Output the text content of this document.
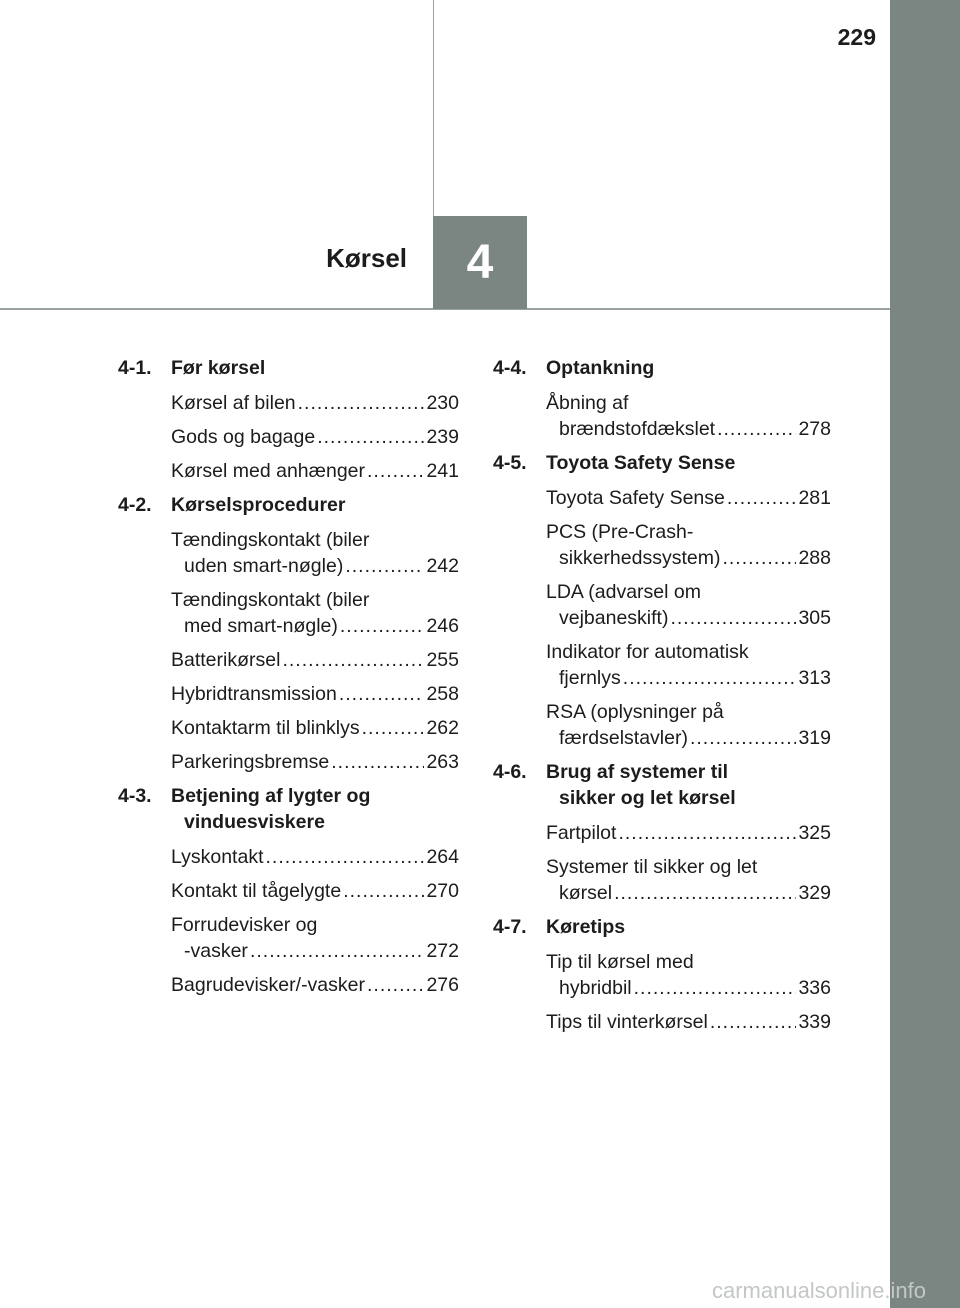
229
4
Kørsel
4-1. Før kørsel
Kørsel af bilen .....	230
Gods og bagage .....	239
Kørsel med anhænger .....	241
4-2. Kørselsprocedurer
Tændingskontakt (biler
uden smart-nøgle) .....	242
Tændingskontakt (biler
med smart-nøgle) .....	246
Batterikørsel .....	255
Hybridtransmission .....	258
Kontaktarm til blinklys .....	262
Parkeringsbremse .....	263
4-3. Betjening af lygter og
vinduesviskere
Lyskontakt .....	264
Kontakt til tågelygte .....	270
Forrudevisker og
-vasker .....	272
Bagrudevisker/-vasker .....	276
4-4. Optankning
Åbning af
brændstofdækslet .....	278
4-5. Toyota Safety Sense
Toyota Safety Sense .....	281
PCS (Pre-Crash-
sikkerhedssystem) .....	288
LDA (advarsel om
vejbaneskift) .....	305
Indikator for automatisk
fjernlys .....	313
RSA (oplysninger på
færdselstavler) .....	319
4-6. Brug af systemer til
sikker og let kørsel
Fartpilot .....	325
Systemer til sikker og let
kørsel .....	329
4-7. Køretips
Tip til kørsel med
hybridbil .....	336
Tips til vinterkørsel .....	339
carmanualsonline.info
